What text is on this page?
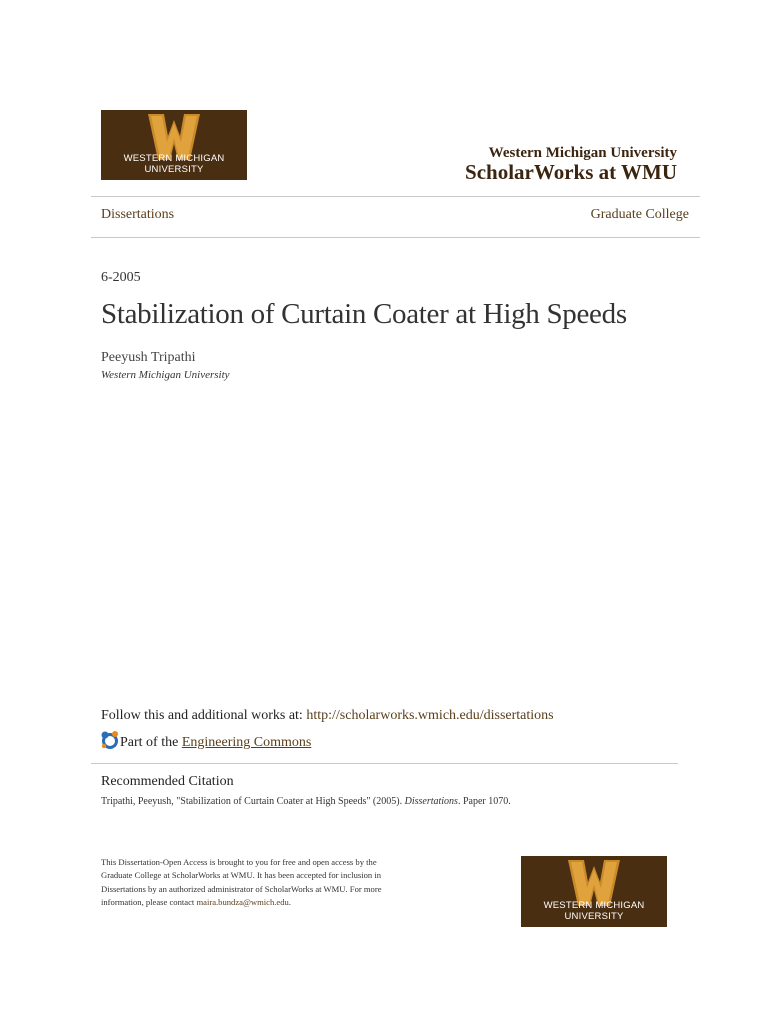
WESTERN MICHIGAN UNIVERSITY
Western Michigan University
ScholarWorks at WMU
Dissertations	Graduate College
6-2005
Stabilization of Curtain Coater at High Speeds
Peeyush Tripathi
Western Michigan University
Follow this and additional works at: http://scholarworks.wmich.edu/dissertations
Part of the Engineering Commons
Recommended Citation
Tripathi, Peeyush, "Stabilization of Curtain Coater at High Speeds" (2005). Dissertations. Paper 1070.
This Dissertation-Open Access is brought to you for free and open access by the Graduate College at ScholarWorks at WMU. It has been accepted for inclusion in Dissertations by an authorized administrator of ScholarWorks at WMU. For more information, please contact maira.bundza@wmich.edu.	WESTERN MICHIGAN UNIVERSITY
